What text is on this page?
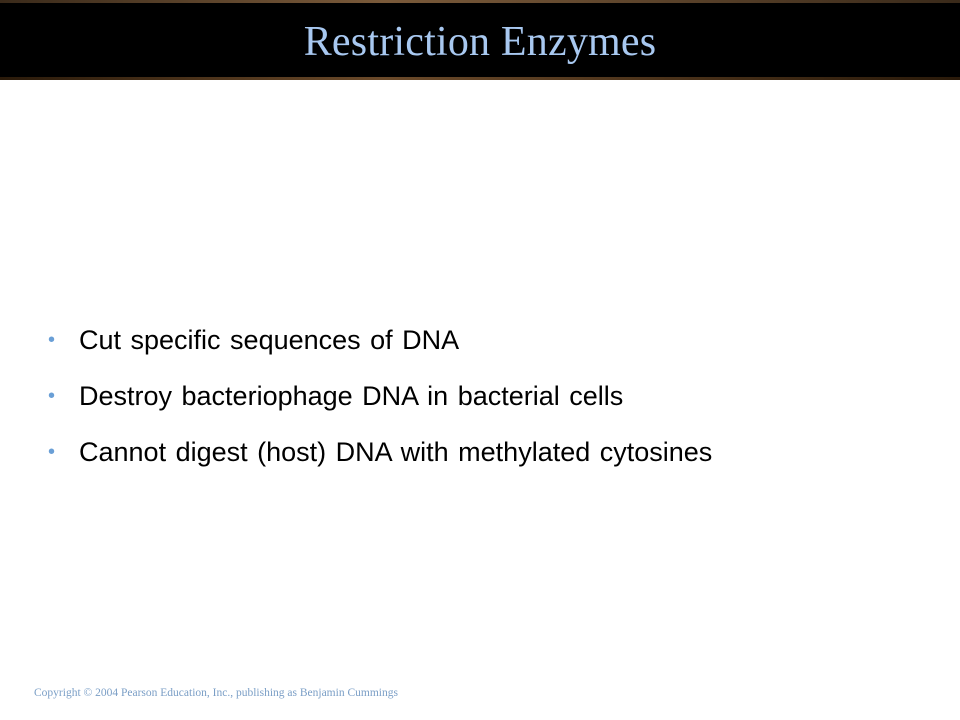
Restriction Enzymes
• Cut specific sequences of DNA
• Destroy bacteriophage DNA in bacterial cells
• Cannot digest (host) DNA with methylated cytosines
Copyright © 2004 Pearson Education, Inc., publishing as Benjamin Cummings
